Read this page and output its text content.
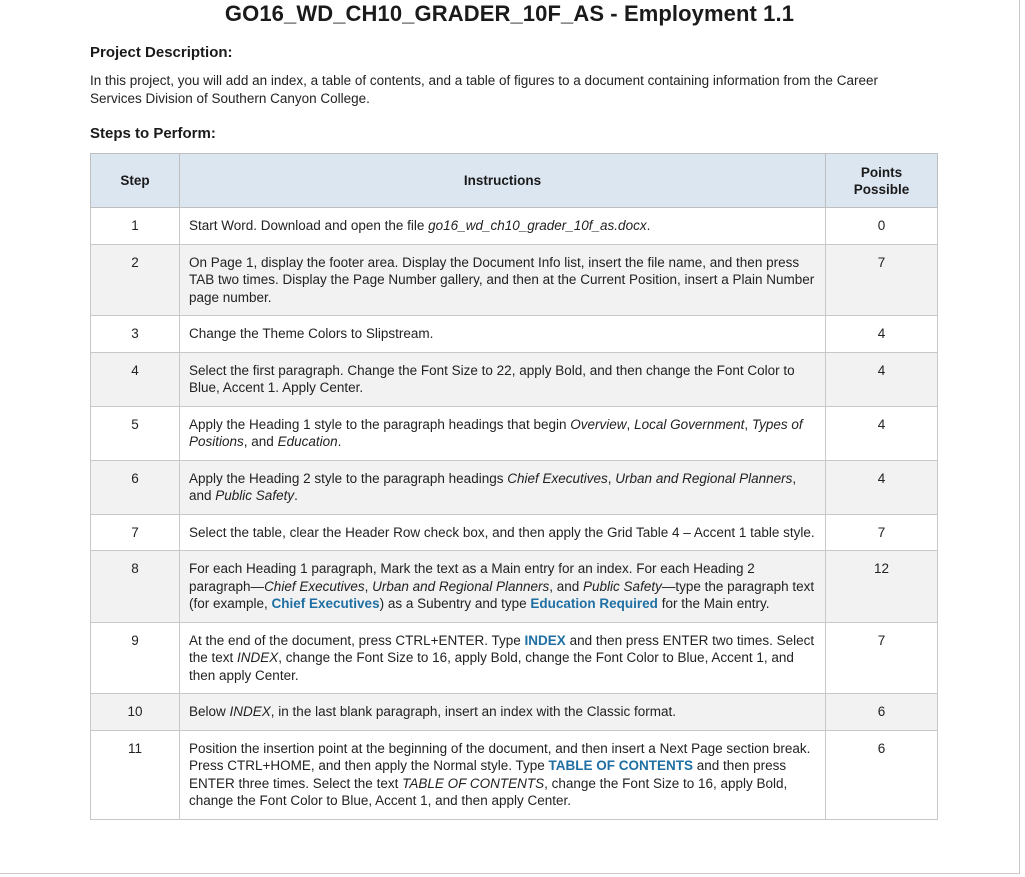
GO16_WD_CH10_GRADER_10F_AS - Employment 1.1
Project Description:
In this project, you will add an index, a table of contents, and a table of figures to a document containing information from the Career Services Division of Southern Canyon College.
Steps to Perform:
Step	Instructions	Points Possible
1	Start Word. Download and open the file go16_wd_ch10_grader_10f_as.docx.	0
2	On Page 1, display the footer area. Display the Document Info list, insert the file name, and then press TAB two times. Display the Page Number gallery, and then at the Current Position, insert a Plain Number page number.	7
3	Change the Theme Colors to Slipstream.	4
4	Select the first paragraph. Change the Font Size to 22, apply Bold, and then change the Font Color to Blue, Accent 1. Apply Center.	4
5	Apply the Heading 1 style to the paragraph headings that begin Overview, Local Government, Types of Positions, and Education.	4
6	Apply the Heading 2 style to the paragraph headings Chief Executives, Urban and Regional Planners, and Public Safety.	4
7	Select the table, clear the Header Row check box, and then apply the Grid Table 4 – Accent 1 table style.	7
8	For each Heading 1 paragraph, Mark the text as a Main entry for an index. For each Heading 2 paragraph—Chief Executives, Urban and Regional Planners, and Public Safety—type the paragraph text (for example, Chief Executives) as a Subentry and type Education Required for the Main entry.	12
9	At the end of the document, press CTRL+ENTER. Type INDEX and then press ENTER two times. Select the text INDEX, change the Font Size to 16, apply Bold, change the Font Color to Blue, Accent 1, and then apply Center.	7
10	Below INDEX, in the last blank paragraph, insert an index with the Classic format.	6
11	Position the insertion point at the beginning of the document, and then insert a Next Page section break. Press CTRL+HOME, and then apply the Normal style. Type TABLE OF CONTENTS and then press ENTER three times. Select the text TABLE OF CONTENTS, change the Font Size to 16, apply Bold, change the Font Color to Blue, Accent 1, and then apply Center.	6
